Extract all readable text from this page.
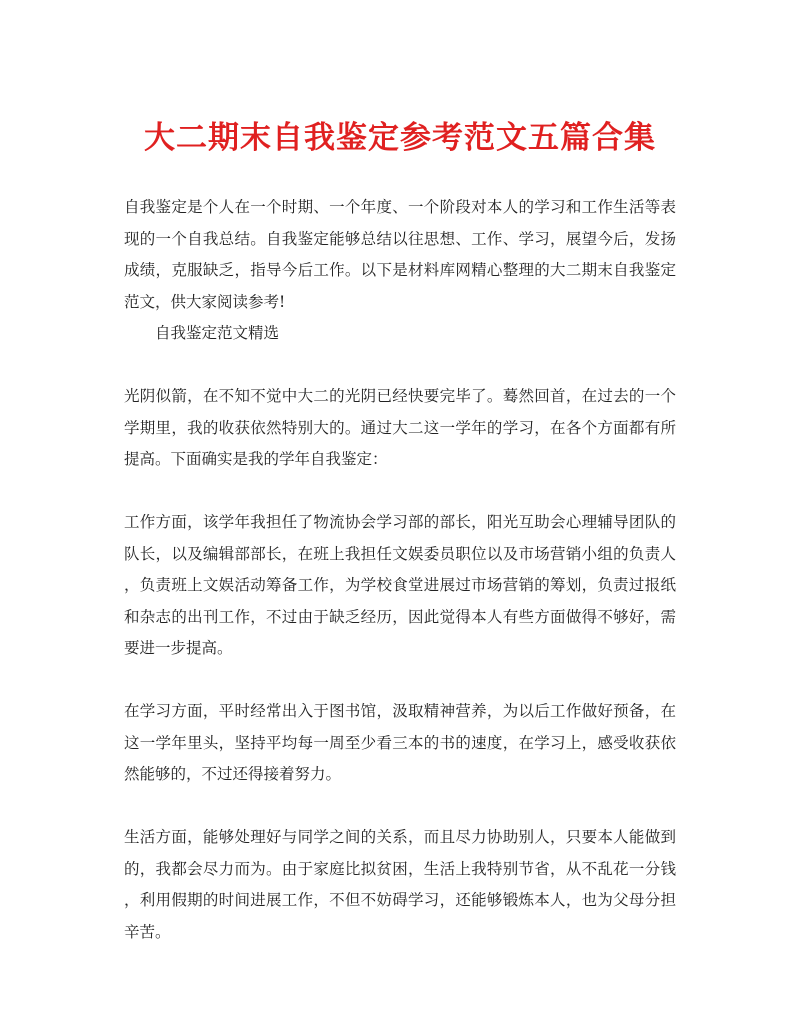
大二期末自我鉴定参考范文五篇合集
自我鉴定是个人在一个时期、一个年度、一个阶段对本人的学习和工作生活等表
现的一个自我总结。自我鉴定能够总结以往思想、工作、学习，展望今后，发扬
成绩，克服缺乏，指导今后工作。以下是材料库网精心整理的大二期末自我鉴定
范文，供大家阅读参考!
自我鉴定范文精选
光阴似箭，在不知不觉中大二的光阴已经快要完毕了。蓦然回首，在过去的一个
学期里，我的收获依然特别大的。通过大二这一学年的学习，在各个方面都有所
提高。下面确实是我的学年自我鉴定：
工作方面，该学年我担任了物流协会学习部的部长，阳光互助会心理辅导团队的
队长，以及编辑部部长，在班上我担任文娱委员职位以及市场营销小组的负责人
，负责班上文娱活动筹备工作，为学校食堂进展过市场营销的筹划，负责过报纸
和杂志的出刊工作，不过由于缺乏经历，因此觉得本人有些方面做得不够好，需
要进一步提高。
在学习方面，平时经常出入于图书馆，汲取精神营养，为以后工作做好预备，在
这一学年里头，坚持平均每一周至少看三本的书的速度，在学习上，感受收获依
然能够的，不过还得接着努力。
生活方面，能够处理好与同学之间的关系，而且尽力协助别人，只要本人能做到
的，我都会尽力而为。由于家庭比拟贫困，生活上我特别节省，从不乱花一分钱
，利用假期的时间进展工作，不但不妨碍学习，还能够锻炼本人，也为父母分担
辛苦。
